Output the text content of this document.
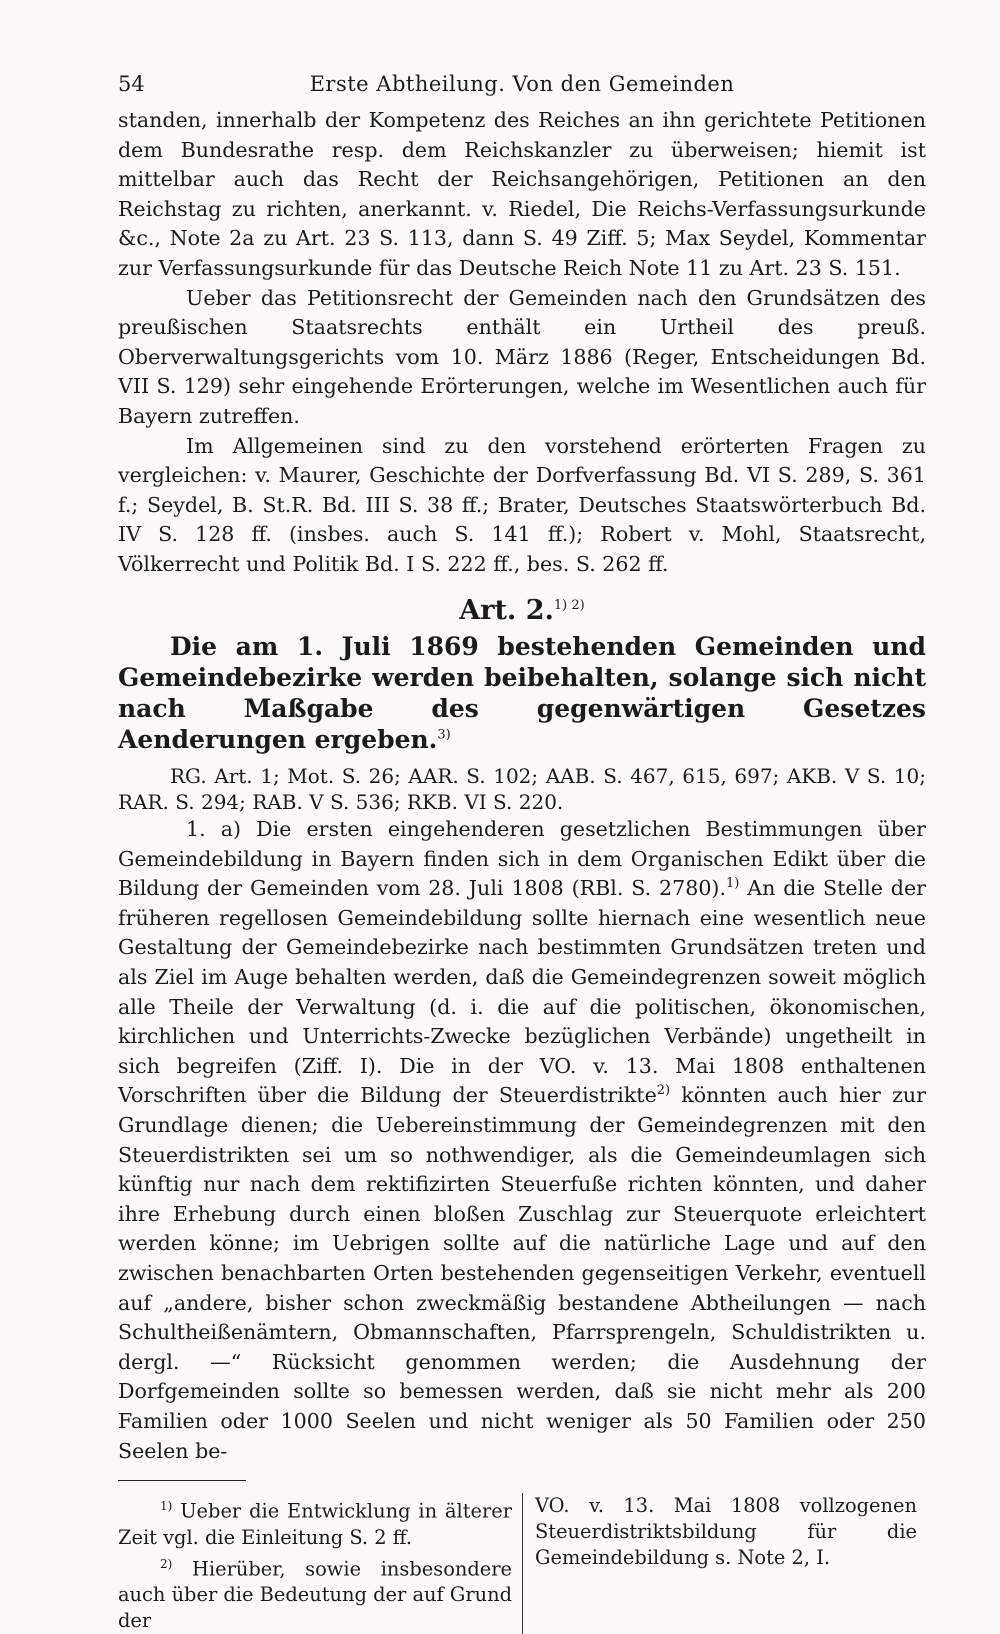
54	Erste Abtheilung. Von den Gemeinden

standen, innerhalb der Kompetenz des Reiches an ihn gerichtete Petitionen dem Bundesrathe resp. dem Reichskanzler zu überweisen; hiemit ist mittelbar auch das Recht der Reichsangehörigen, Petitionen an den Reichstag zu richten, anerkannt. v. Riedel, Die Reichs-Verfassungsurkunde &c., Note 2a zu Art. 23 S. 113, dann S. 49 Ziff. 5; Max Seydel, Kommentar zur Verfassungsurkunde für das Deutsche Reich Note 11 zu Art. 23 S. 151.

Ueber das Petitionsrecht der Gemeinden nach den Grundsätzen des preußischen Staatsrechts enthält ein Urtheil des preuß. Oberverwaltungsgerichts vom 10. März 1886 (Reger, Entscheidungen Bd. VII S. 129) sehr eingehende Erörterungen, welche im Wesentlichen auch für Bayern zutreffen.

Im Allgemeinen sind zu den vorstehend erörterten Fragen zu vergleichen: v. Maurer, Geschichte der Dorfverfassung Bd. VI S. 289, S. 361 f.; Seydel, B. St.R. Bd. III S. 38 ff.; Brater, Deutsches Staatswörterbuch Bd. IV S. 128 ff. (insbes. auch S. 141 ff.); Robert v. Mohl, Staatsrecht, Völkerrecht und Politik Bd. I S. 222 ff., bes. S. 262 ff.

Art. 2.$^{1) 2)}$
Die am 1. Juli 1869 bestehenden Gemeinden und Gemeindebezirke werden beibehalten, solange sich nicht nach Maßgabe des gegenwärtigen Gesetzes Aenderungen ergeben.$^{3)}$

RG. Art. 1; Mot. S. 26; AAR. S. 102; AAB. S. 467, 615, 697; AKB. V S. 10; RAR. S. 294; RAB. V S. 536; RKB. VI S. 220.

1. a) Die ersten eingehenderen gesetzlichen Bestimmungen über Gemeindebildung in Bayern finden sich in dem Organischen Edikt über die Bildung der Gemeinden vom 28. Juli 1808 (RBl. S. 2780).$^{1)}$ An die Stelle der früheren regellosen Gemeindebildung sollte hiernach eine wesentlich neue Gestaltung der Gemeindebezirke nach bestimmten Grundsätzen treten und als Ziel im Auge behalten werden, daß die Gemeindegrenzen soweit möglich alle Theile der Verwaltung (d. i. die auf die politischen, ökonomischen, kirchlichen und Unterrichts-Zwecke bezüglichen Verbände) ungetheilt in sich begreifen (Ziff. I). Die in der VO. v. 13. Mai 1808 enthaltenen Vorschriften über die Bildung der Steuerdistrikte$^{2)}$ könnten auch hier zur Grundlage dienen; die Uebereinstimmung der Gemeindegrenzen mit den Steuerdistrikten sei um so nothwendiger, als die Gemeindeumlagen sich künftig nur nach dem rektifizirten Steuerfuße richten könnten, und daher ihre Erhebung durch einen bloßen Zuschlag zur Steuerquote erleichtert werden könne; im Uebrigen sollte auf die natürliche Lage und auf den zwischen benachbarten Orten bestehenden gegenseitigen Verkehr, eventuell auf „andere, bisher schon zweckmäßig bestandene Abtheilungen — nach Schultheißenämtern, Obmannschaften, Pfarrsprengeln, Schuldistrikten u. dergl. —“ Rücksicht genommen werden; die Ausdehnung der Dorfgemeinden sollte so bemessen werden, daß sie nicht mehr als 200 Familien oder 1000 Seelen und nicht weniger als 50 Familien oder 250 Seelen be-

$^{1)}$ Ueber die Entwicklung in älterer Zeit vgl. die Einleitung S. 2 ff.

$^{2)}$ Hierüber, sowie insbesondere auch über die Bedeutung der auf Grund der

VO. v. 13. Mai 1808 vollzogenen Steuerdistriktsbildung für die Gemeindebildung s. Note 2, I.
